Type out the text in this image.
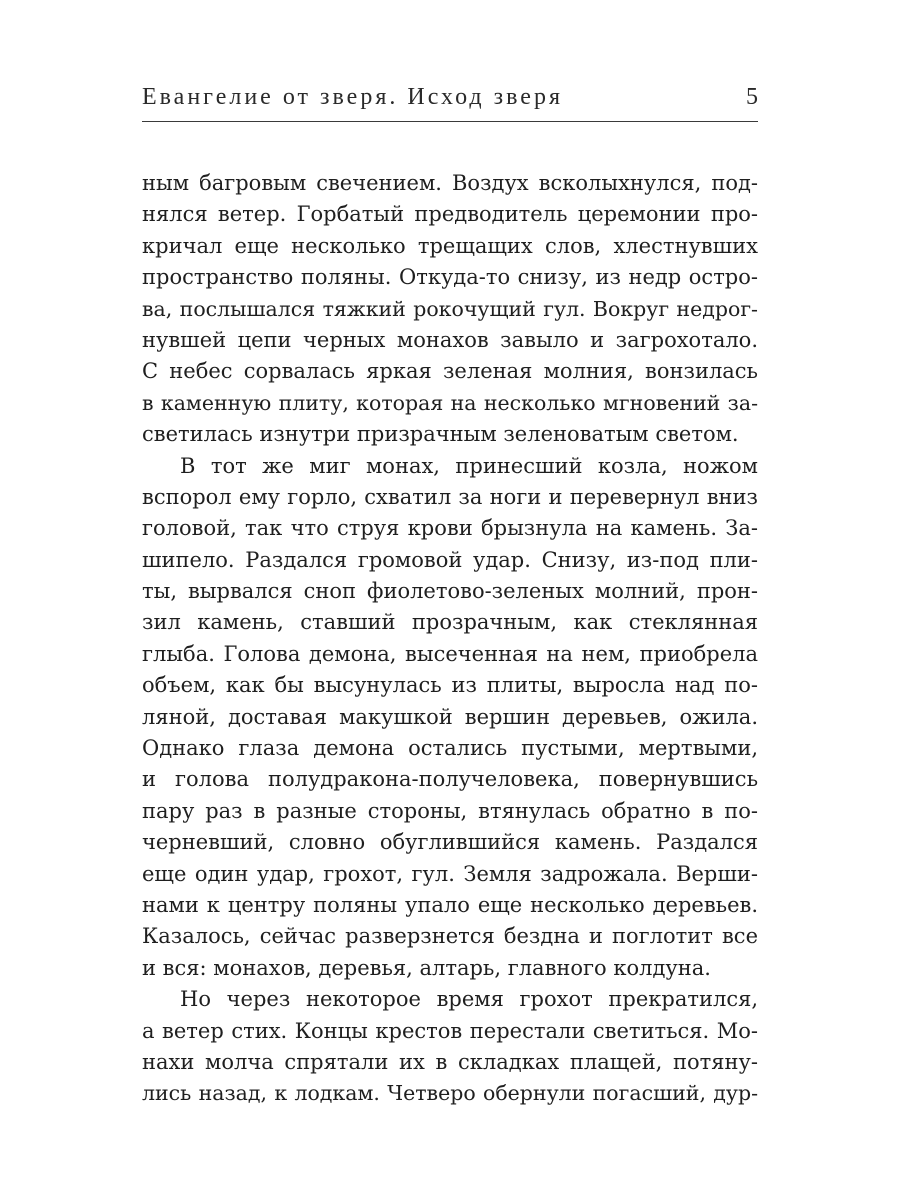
Евангелие от зверя. Исход зверя	5
ным багровым свечением. Воздух всколыхнулся, под-
нялся ветер. Горбатый предводитель церемонии про-
кричал еще несколько трещащих слов, хлестнувших
пространство поляны. Откуда-то снизу, из недр остро-
ва, послышался тяжкий рокочущий гул. Вокруг недрог-
нувшей цепи черных монахов завыло и загрохотало.
С небес сорвалась яркая зеленая молния, вонзилась
в каменную плиту, которая на несколько мгновений за-
светилась изнутри призрачным зеленоватым светом.
В тот же миг монах, принесший козла, ножом
вспорол ему горло, схватил за ноги и перевернул вниз
головой, так что струя крови брызнула на камень. За-
шипело. Раздался громовой удар. Снизу, из-под пли-
ты, вырвался сноп фиолетово-зеленых молний, прон-
зил камень, ставший прозрачным, как стеклянная
глыба. Голова демона, высеченная на нем, приобрела
объем, как бы высунулась из плиты, выросла над по-
ляной, доставая макушкой вершин деревьев, ожила.
Однако глаза демона остались пустыми, мертвыми,
и голова полудракона-получеловека, повернувшись
пару раз в разные стороны, втянулась обратно в по-
черневший, словно обуглившийся камень. Раздался
еще один удар, грохот, гул. Земля задрожала. Верши-
нами к центру поляны упало еще несколько деревьев.
Казалось, сейчас разверзнется бездна и поглотит все
и вся: монахов, деревья, алтарь, главного колдуна.
Но через некоторое время грохот прекратился,
а ветер стих. Концы крестов перестали светиться. Мо-
нахи молча спрятали их в складках плащей, потяну-
лись назад, к лодкам. Четверо обернули погасший, дур-
